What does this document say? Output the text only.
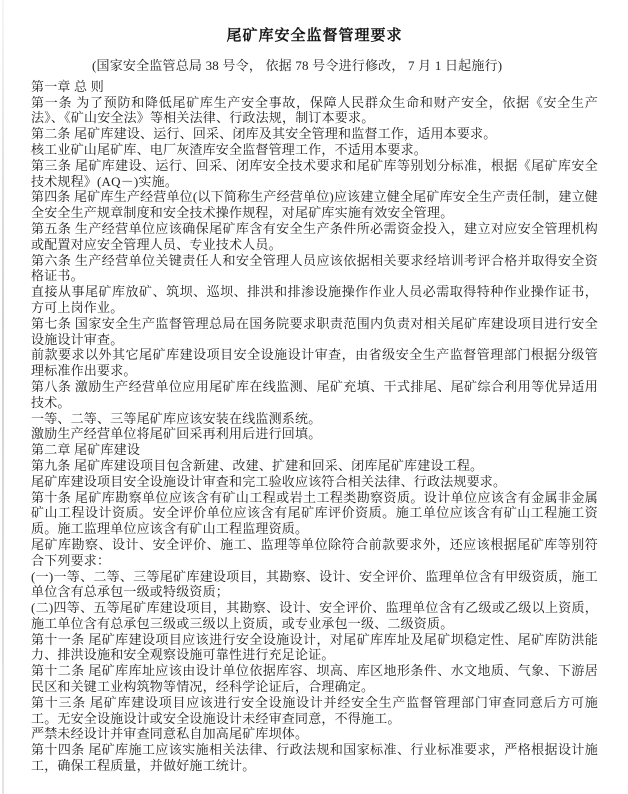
尾矿库安全监督管理要求
(国家安全监管总局 38 号令， 依据 78 号令进行修改， 7 月 1 日起施行)

第一章 总 则

第一条 为了预防和降低尾矿库生产安全事故，保障人民群众生命和财产安全，依据《安全生产法》、《矿山安全法》等相关法律、行政法规，制订本要求。

第二条 尾矿库建设、运行、回采、闭库及其安全管理和监督工作，适用本要求。

核工业矿山尾矿库、电厂灰渣库安全监督管理工作，不适用本要求。

第三条 尾矿库建设、运行、回采、闭库安全技术要求和尾矿库等别划分标准，根据《尾矿库安全技术规程》(AQ－)实施。

第四条 尾矿库生产经营单位(以下简称生产经营单位)应该建立健全尾矿库安全生产责任制，建立健全安全生产规章制度和安全技术操作规程，对尾矿库实施有效安全管理。

第五条 生产经营单位应该确保尾矿库含有安全生产条件所必需资金投入，建立对应安全管理机构或配置对应安全管理人员、专业技术人员。

第六条 生产经营单位关键责任人和安全管理人员应该依据相关要求经培训考评合格并取得安全资格证书。

直接从事尾矿库放矿、筑坝、巡坝、排洪和排渗设施操作作业人员必需取得特种作业操作证书，方可上岗作业。

第七条 国家安全生产监督管理总局在国务院要求职责范围内负责对相关尾矿库建设项目进行安全设施设计审查。

前款要求以外其它尾矿库建设项目安全设施设计审查，由省级安全生产监督管理部门根据分级管理标准作出要求。

第八条 激励生产经营单位应用尾矿库在线监测、尾矿充填、干式排尾、尾矿综合利用等优异适用技术。

一等、二等、三等尾矿库应该安装在线监测系统。

激励生产经营单位将尾矿回采再利用后进行回填。

第二章 尾矿库建设

第九条 尾矿库建设项目包含新建、改建、扩建和回采、闭库尾矿库建设工程。

尾矿库建设项目安全设施设计审查和完工验收应该符合相关法律、行政法规要求。

第十条 尾矿库勘察单位应该含有矿山工程或岩土工程类勘察资质。设计单位应该含有金属非金属矿山工程设计资质。安全评价单位应该含有尾矿库评价资质。施工单位应该含有矿山工程施工资质。施工监理单位应该含有矿山工程监理资质。

尾矿库勘察、设计、安全评价、施工、监理等单位除符合前款要求外，还应该根据尾矿库等别符合下列要求：

(一)一等、二等、三等尾矿库建设项目，其勘察、设计、安全评价、监理单位含有甲级资质，施工单位含有总承包一级或特级资质；

(二)四等、五等尾矿库建设项目，其勘察、设计、安全评价、监理单位含有乙级或乙级以上资质，施工单位含有总承包三级或三级以上资质，或专业承包一级、二级资质。

第十一条 尾矿库建设项目应该进行安全设施设计，对尾矿库库址及尾矿坝稳定性、尾矿库防洪能力、排洪设施和安全观察设施可靠性进行充足论证。

第十二条 尾矿库库址应该由设计单位依据库容、坝高、库区地形条件、水文地质、气象、下游居民区和关键工业构筑物等情况，经科学论证后，合理确定。

第十三条 尾矿库建设项目应该进行安全设施设计并经安全生产监督管理部门审查同意后方可施工。无安全设施设计或安全设施设计未经审查同意，不得施工。

严禁未经设计并审查同意私自加高尾矿库坝体。

第十四条 尾矿库施工应该实施相关法律、行政法规和国家标准、行业标准要求，严格根据设计施工，确保工程质量，并做好施工统计。
